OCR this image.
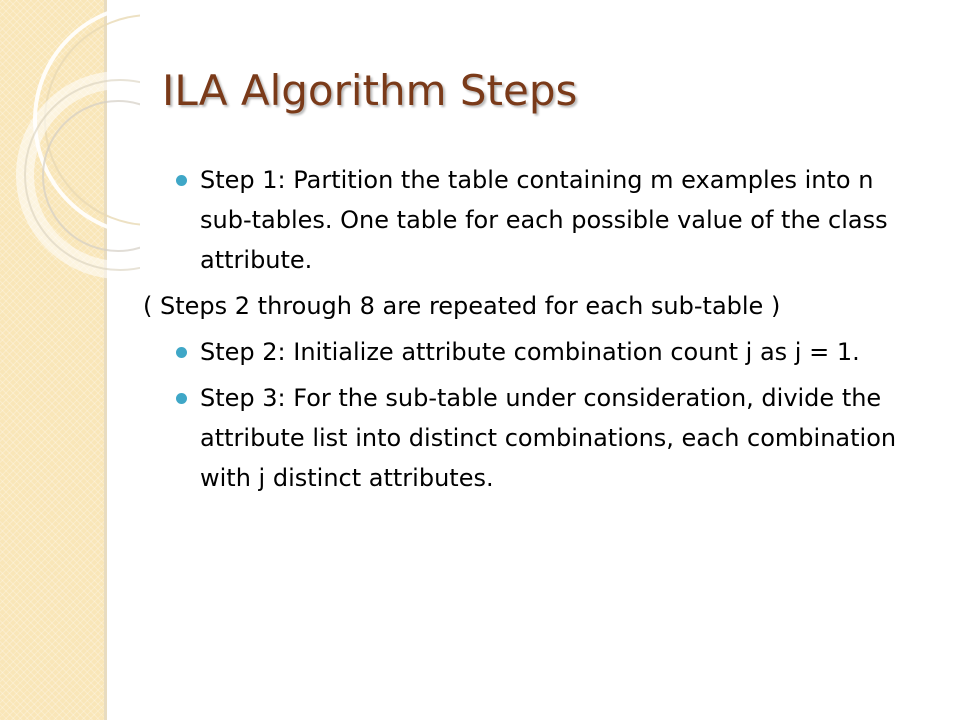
ILA Algorithm Steps

Step 1: Partition the table containing m examples into n sub-tables. One table for each possible value of the class attribute.

( Steps 2 through 8 are repeated for each sub-table )

Step 2: Initialize attribute combination count j as j = 1.

Step 3: For the sub-table under consideration, divide the attribute list into distinct combinations, each combination with j distinct attributes.
